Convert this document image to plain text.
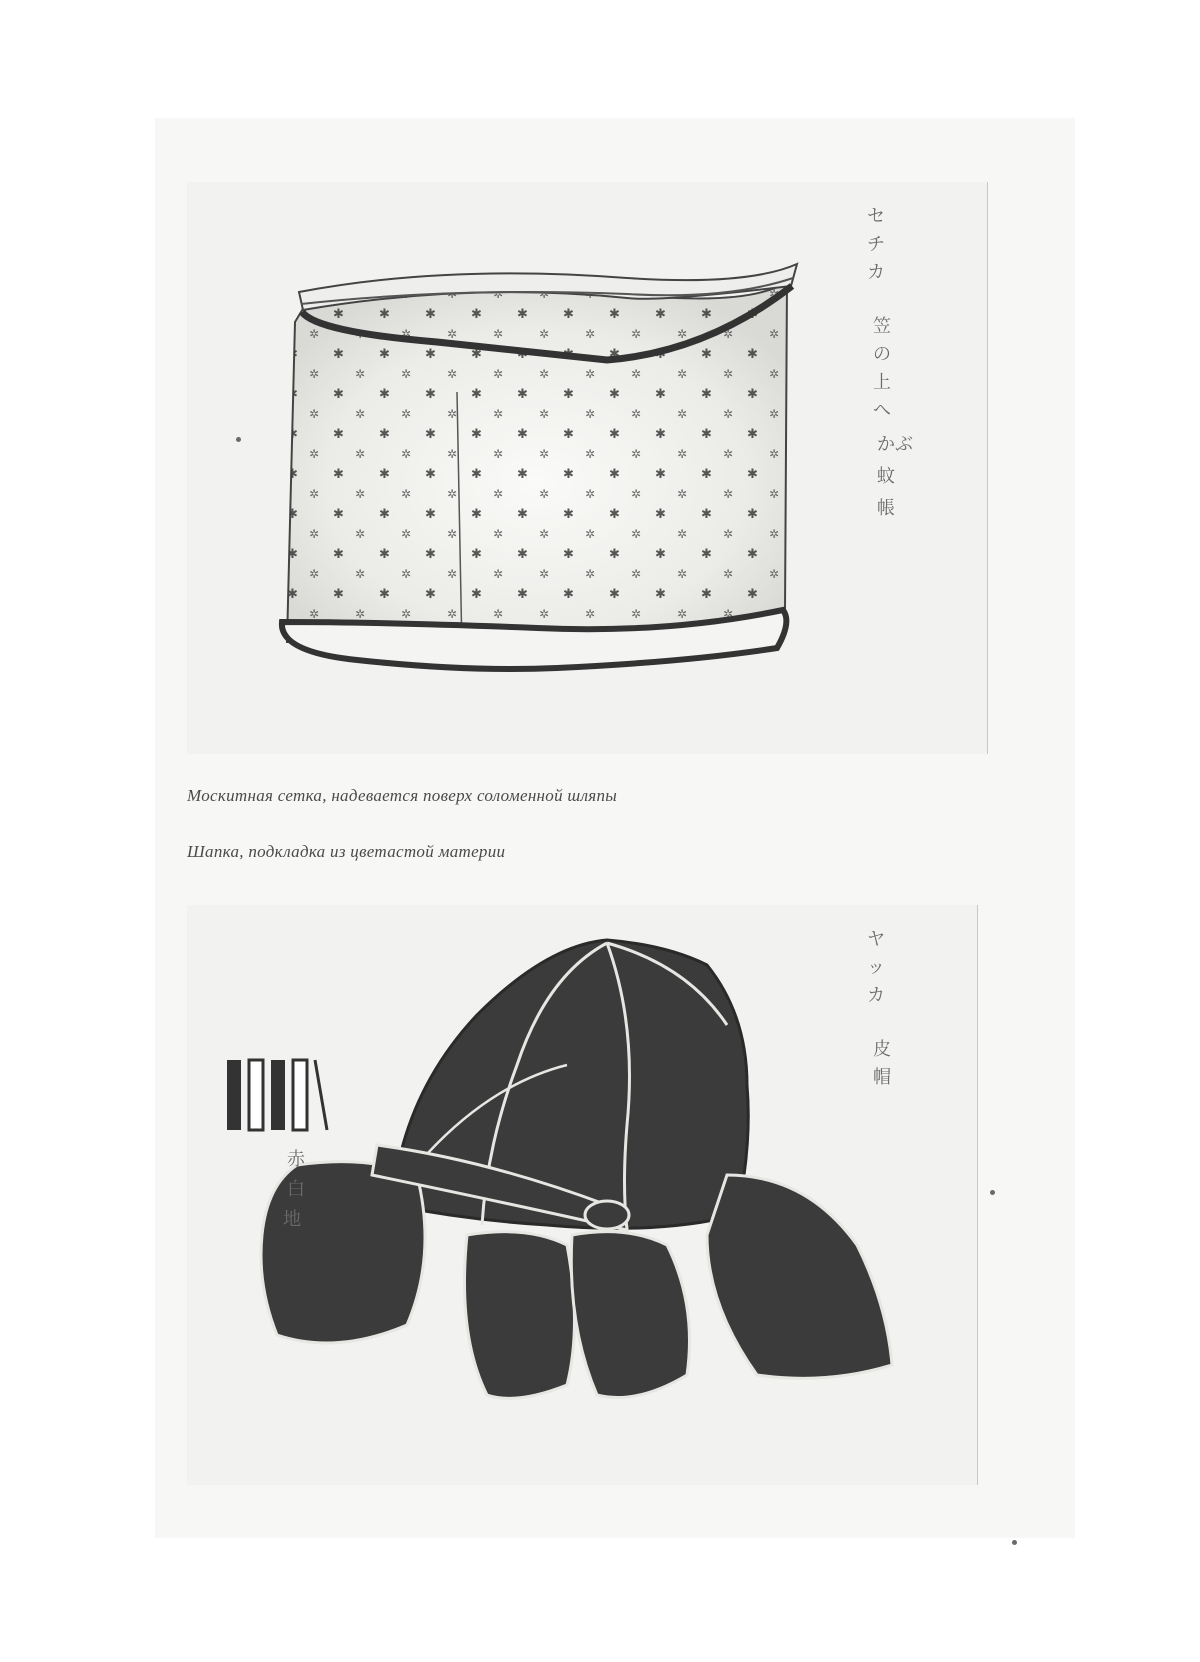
セ
チ
カ
笠
の
上
へ
かぶ
蚊
帳
Москитная сетка, надевается поверх соломенной шляпы
Шапка, подкладка из цветастой материи
ヤ
ッ
カ
皮
帽
赤
白
地
